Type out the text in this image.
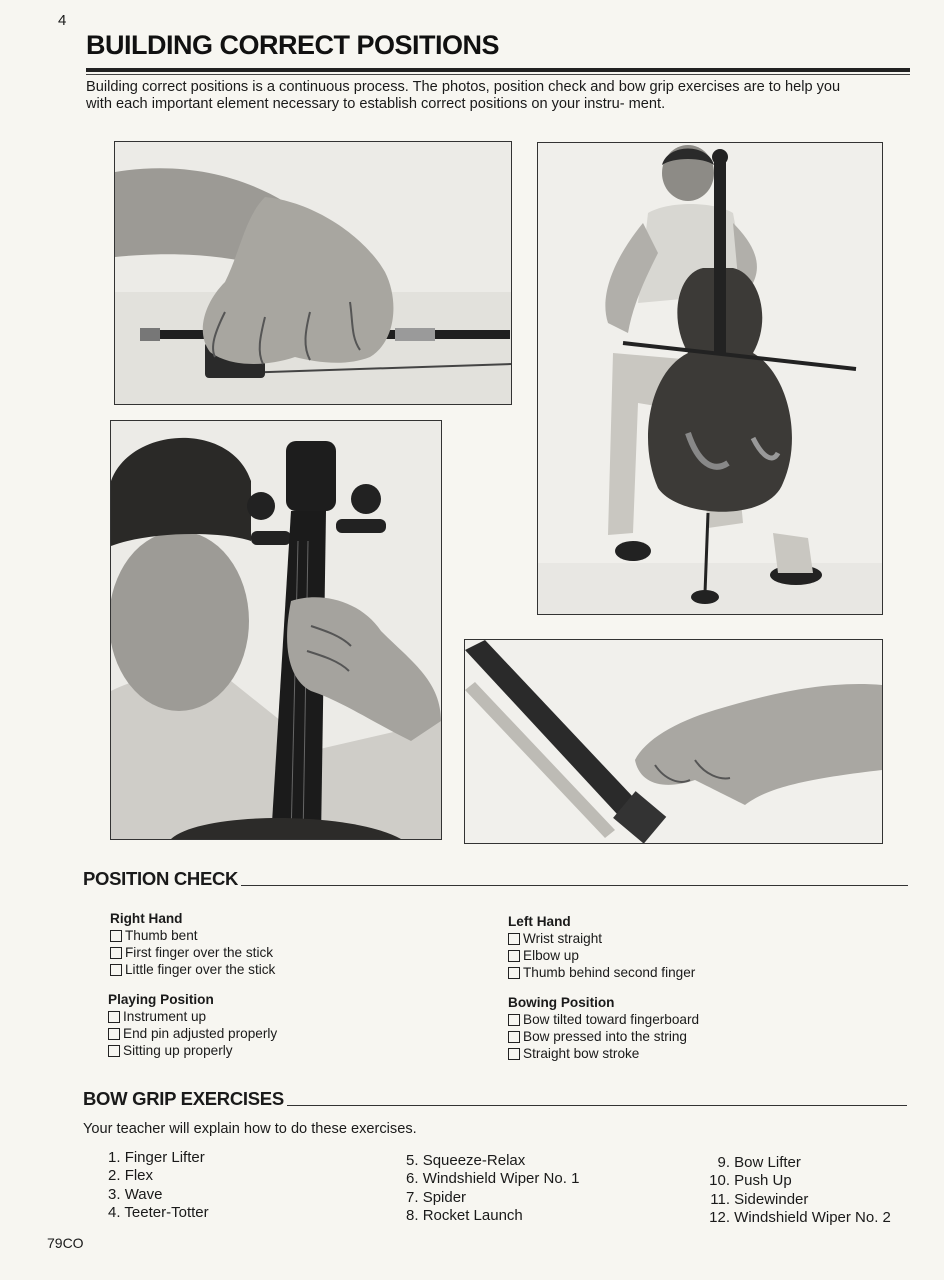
4
BUILDING CORRECT POSITIONS
Building correct positions is a continuous process. The photos, position check and bow grip exercises are to help you with each important element necessary to establish correct positions on your instru- ment.
POSITION CHECK
Right Hand
Thumb bent
First finger over the stick
Little finger over the stick
Playing Position
Instrument up
End pin adjusted properly
Sitting up properly
Left Hand
Wrist straight
Elbow up
Thumb behind second finger
Bowing Position
Bow tilted toward fingerboard
Bow pressed into the string
Straight bow stroke
BOW GRIP EXERCISES
Your teacher will explain how to do these exercises.
1. Finger Lifter
2. Flex
3. Wave
4. Teeter-Totter
5. Squeeze-Relax
6. Windshield Wiper No. 1
7. Spider
8. Rocket Launch
9. Bow Lifter
10. Push Up
11. Sidewinder
12. Windshield Wiper No. 2
79CO
